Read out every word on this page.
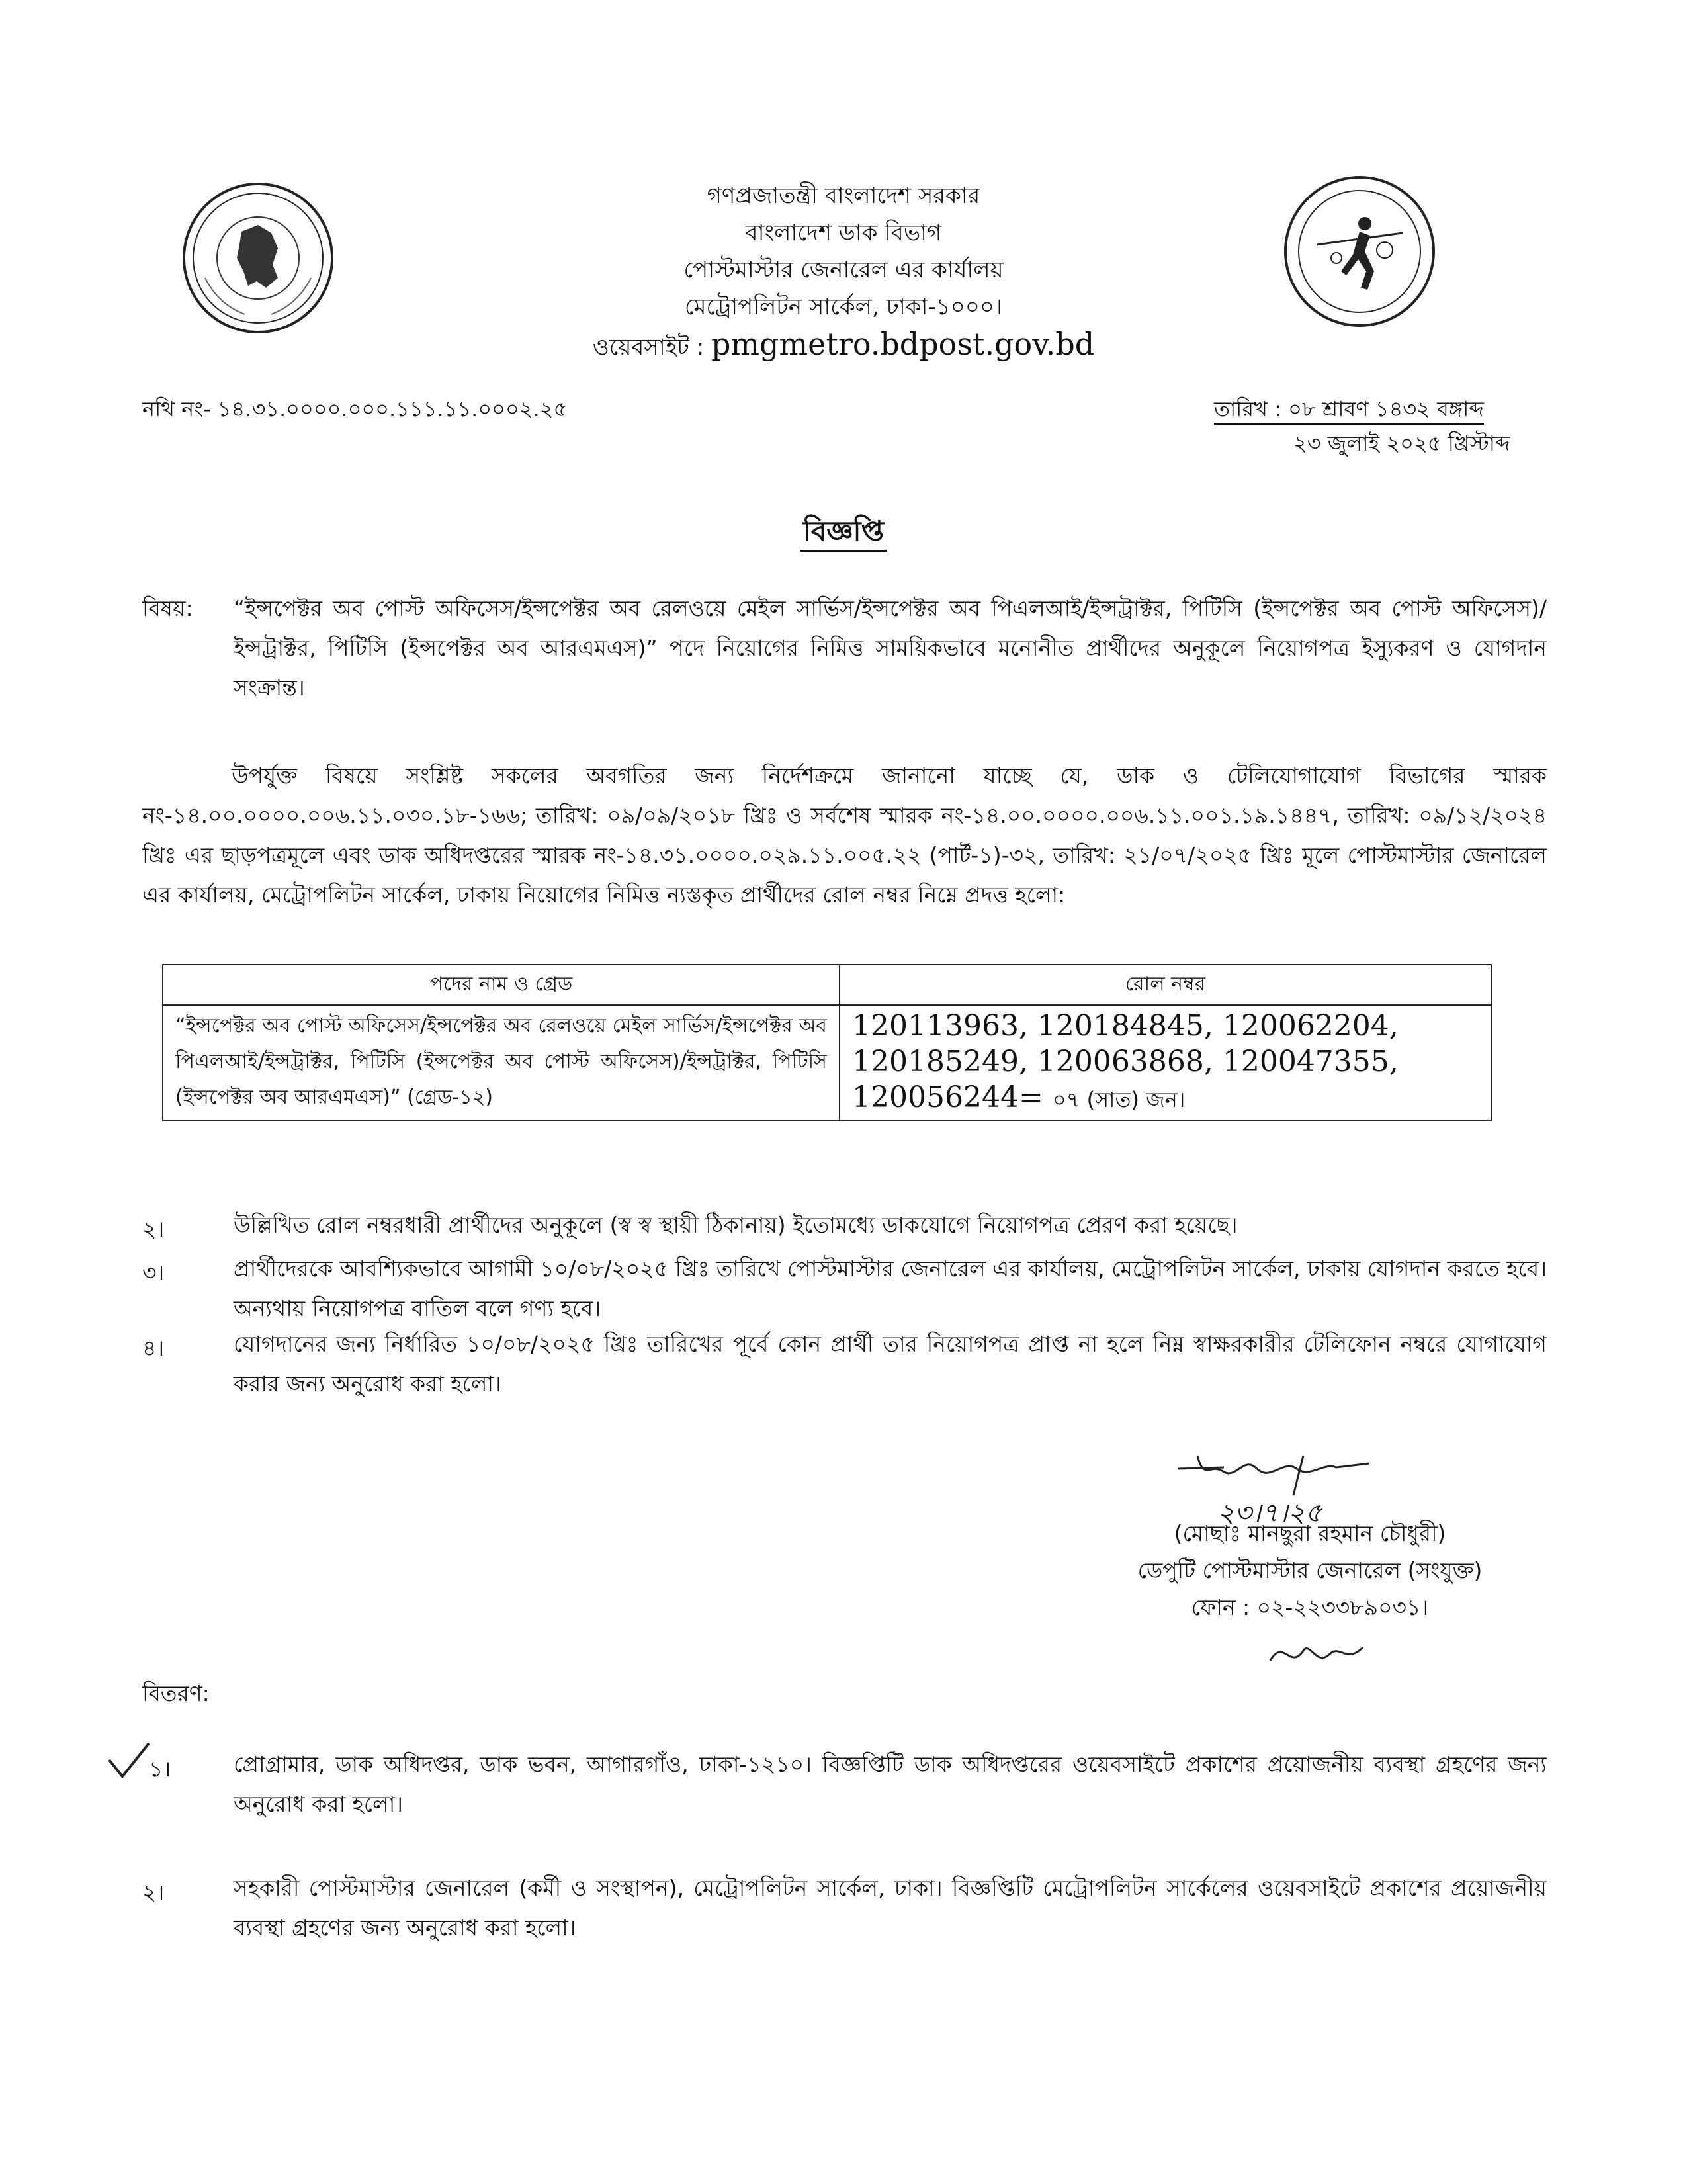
গণপ্রজাতন্ত্রী বাংলাদেশ সরকার
বাংলাদেশ ডাক বিভাগ
পোস্টমাস্টার জেনারেল এর কার্যালয়
মেট্রোপলিটন সার্কেল, ঢাকা-১০০০।
ওয়েবসাইট : pmgmetro.bdpost.gov.bd
নথি নং- ১৪.৩১.০০০০.০০০.১১১.১১.০০০২.২৫	তারিখ : ০৮ শ্রাবণ ১৪৩২ বঙ্গাব্দ
২৩ জুলাই ২০২৫ খ্রিস্টাব্দ
বিজ্ঞপ্তি
বিষয়: “ইন্সপেক্টর অব পোস্ট অফিসেস/ইন্সপেক্টর অব রেলওয়ে মেইল সার্ভিস/ইন্সপেক্টর অব পিএলআই/ইন্সট্রাক্টর, পিটিসি (ইন্সপেক্টর অব পোস্ট অফিসেস)/ইন্সট্রাক্টর, পিটিসি (ইন্সপেক্টর অব আরএমএস)” পদে নিয়োগের নিমিত্ত সাময়িকভাবে মনোনীত প্রার্থীদের অনুকূলে নিয়োগপত্র ইস্যুকরণ ও যোগদান সংক্রান্ত।
উপর্যুক্ত বিষয়ে সংশ্লিষ্ট সকলের অবগতির জন্য নির্দেশক্রমে জানানো যাচ্ছে যে, ডাক ও টেলিযোগাযোগ বিভাগের স্মারক নং-১৪.০০.০০০০.০০৬.১১.০৩০.১৮-১৬৬; তারিখ: ০৯/০৯/২০১৮ খ্রিঃ ও সর্বশেষ স্মারক নং-১৪.০০.০০০০.০০৬.১১.০০১.১৯.১৪৪৭, তারিখ: ০৯/১২/২০২৪ খ্রিঃ এর ছাড়পত্রমূলে এবং ডাক অধিদপ্তরের স্মারক নং-১৪.৩১.০০০০.০২৯.১১.০০৫.২২ (পার্ট-১)-৩২, তারিখ: ২১/০৭/২০২৫ খ্রিঃ মূলে পোস্টমাস্টার জেনারেল এর কার্যালয়, মেট্রোপলিটন সার্কেল, ঢাকায় নিয়োগের নিমিত্ত ন্যস্তকৃত প্রার্থীদের রোল নম্বর নিম্নে প্রদত্ত হলো:
পদের নাম ও গ্রেড	রোল নম্বর
“ইন্সপেক্টর অব পোস্ট অফিসেস/ইন্সপেক্টর অব রেলওয়ে মেইল সার্ভিস/ইন্সপেক্টর অব পিএলআই/ইন্সট্রাক্টর, পিটিসি (ইন্সপেক্টর অব পোস্ট অফিসেস)/ইন্সট্রাক্টর, পিটিসি (ইন্সপেক্টর অব আরএমএস)” (গ্রেড-১২)	120113963, 120184845, 120062204,
120185249, 120063868, 120047355,
120056244= ০৭ (সাত) জন।
২।	উল্লিখিত রোল নম্বরধারী প্রার্থীদের অনুকূলে (স্ব স্ব স্থায়ী ঠিকানায়) ইতোমধ্যে ডাকযোগে নিয়োগপত্র প্রেরণ করা হয়েছে।
৩।	প্রার্থীদেরকে আবশ্যিকভাবে আগামী ১০/০৮/২০২৫ খ্রিঃ তারিখে পোস্টমাস্টার জেনারেল এর কার্যালয়, মেট্রোপলিটন সার্কেল, ঢাকায় যোগদান করতে হবে। অন্যথায় নিয়োগপত্র বাতিল বলে গণ্য হবে।
৪।	যোগদানের জন্য নির্ধারিত ১০/০৮/২০২৫ খ্রিঃ তারিখের পূর্বে কোন প্রার্থী তার নিয়োগপত্র প্রাপ্ত না হলে নিম্ন স্বাক্ষরকারীর টেলিফোন নম্বরে যোগাযোগ করার জন্য অনুরোধ করা হলো।
২৩।৭।২৫
(মোছাঃ মানছুরা রহমান চৌধুরী)
ডেপুটি পোস্টমাস্টার জেনারেল (সংযুক্ত)
ফোন : ০২-২২৩৩৮৯০৩১।
বিতরণ:
১।	প্রোগ্রামার, ডাক অধিদপ্তর, ডাক ভবন, আগারগাঁও, ঢাকা-১২১০। বিজ্ঞপ্তিটি ডাক অধিদপ্তরের ওয়েবসাইটে প্রকাশের প্রয়োজনীয় ব্যবস্থা গ্রহণের জন্য অনুরোধ করা হলো।
২।	সহকারী পোস্টমাস্টার জেনারেল (কর্মী ও সংস্থাপন), মেট্রোপলিটন সার্কেল, ঢাকা। বিজ্ঞপ্তিটি মেট্রোপলিটন সার্কেলের ওয়েবসাইটে প্রকাশের প্রয়োজনীয় ব্যবস্থা গ্রহণের জন্য অনুরোধ করা হলো।
